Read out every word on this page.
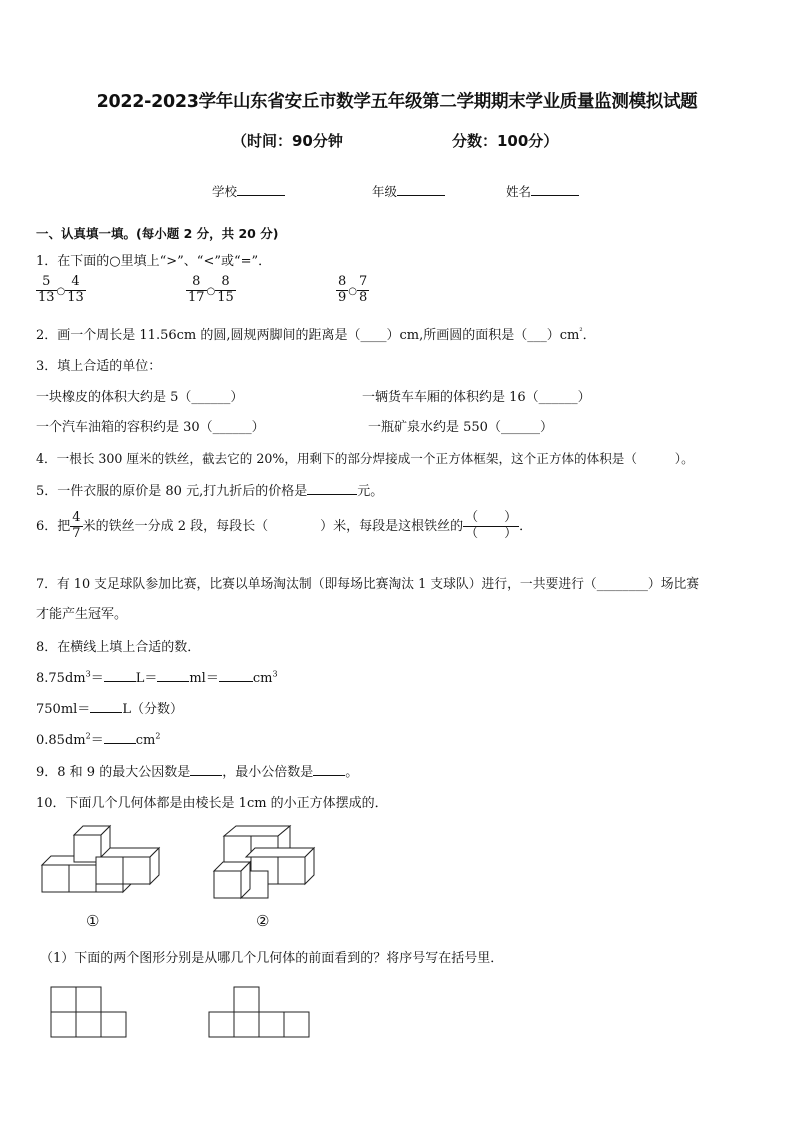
2022-2023学年山东省安丘市数学五年级第二学期期末学业质量监测模拟试题
（时间：90分钟	分数：100分）
学校	年级	姓名
一、认真填一填。(每小题 2 分，共 20 分)
1．在下面的○里填上“>”、“<”或“=”．
$\frac{5}{13}$ ○ $\frac{4}{13}$	$\frac{8}{17}$ ○ $\frac{8}{15}$	$\frac{8}{9}$ ○ $\frac{7}{8}$
2．画一个周长是 11.56cm 的圆,圆规两脚间的距离是（____）cm,所画圆的面积是$(\_\_\_)cm^{^2}$．
3．填上合适的单位：
一块橡皮的体积大约是 5（______）	一辆货车车厢的体积约是 16（______）
一个汽车油箱的容积约是 30（______）	一瓶矿泉水约是 550（______）
4．一根长 300 厘米的铁丝，截去它的 20%，用剩下的部分焊接成一个正方体框架，这个正方体的体积是（　　　）。
5．一件衣服的原价是 80 元,打九折后的价格是	元。
6．把 $\frac{4}{7}$ 米的铁丝一分成 2 段，每段长（　　　　）米，每段是这根铁丝的 $\frac{( )}{( )}$ ．
7．有 10 支足球队参加比赛，比赛以单场淘汰制（即每场比赛淘汰 1 支球队）进行，一共要进行（________）场比赛
才能产生冠军。
8．在横线上填上合适的数．
$8.75dm^3= L= ml=$	$cm^3$
750ml＝ L（分数）
$0.85dm^2= cm^2$
9．8 和 9 的最大公因数是 ，最小公倍数是 。
10．下面几个几何体都是由棱长是 1cm 的小正方体摆成的．
①	②
（1）下面的两个图形分别是从哪几个几何体的前面看到的？将序号写在括号里．
